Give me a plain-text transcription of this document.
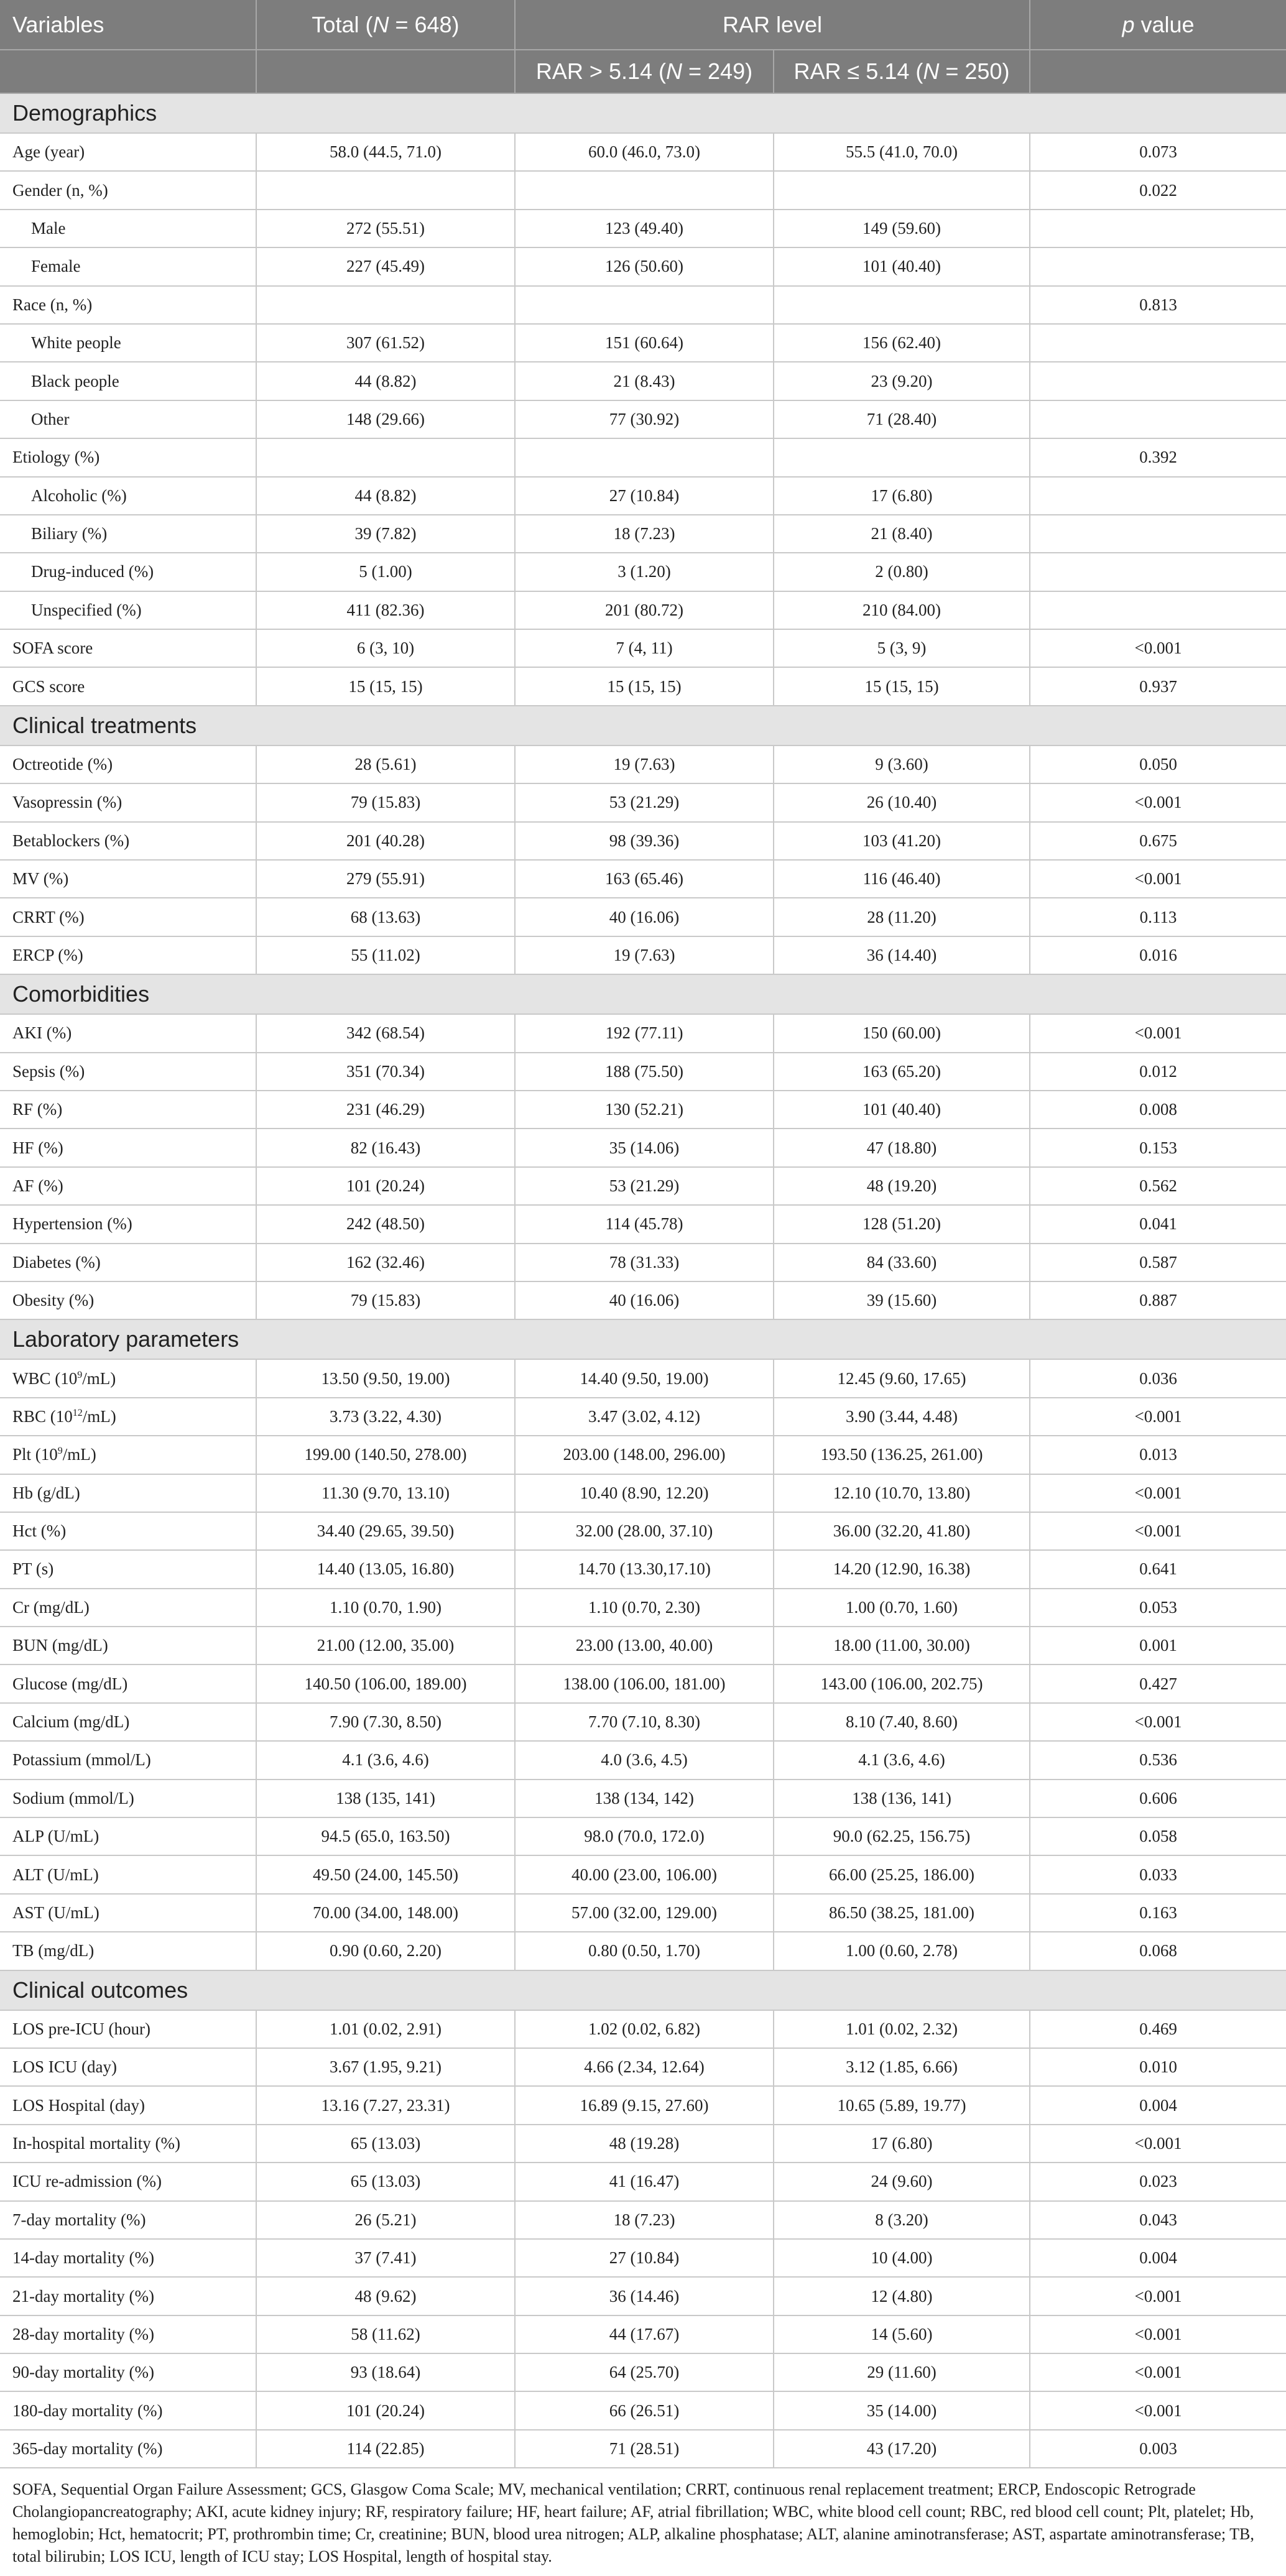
Variables	Total (N = 648)	RAR level		p value
		RAR > 5.14 (N = 249)	RAR ≤ 5.14 (N = 250)	
Demographics				
Age (year)	58.0 (44.5, 71.0)	60.0 (46.0, 73.0)	55.5 (41.0, 70.0)	0.073
Gender (n, %)				0.022
Male	272 (55.51)	123 (49.40)	149 (59.60)	
Female	227 (45.49)	126 (50.60)	101 (40.40)	
Race (n, %)				0.813
White people	307 (61.52)	151 (60.64)	156 (62.40)	
Black people	44 (8.82)	21 (8.43)	23 (9.20)	
Other	148 (29.66)	77 (30.92)	71 (28.40)	
Etiology (%)				0.392
Alcoholic (%)	44 (8.82)	27 (10.84)	17 (6.80)	
Biliary (%)	39 (7.82)	18 (7.23)	21 (8.40)	
Drug-induced (%)	5 (1.00)	3 (1.20)	2 (0.80)	
Unspecified (%)	411 (82.36)	201 (80.72)	210 (84.00)	
SOFA score	6 (3, 10)	7 (4, 11)	5 (3, 9)	<0.001
GCS score	15 (15, 15)	15 (15, 15)	15 (15, 15)	0.937
Clinical treatments				
Octreotide (%)	28 (5.61)	19 (7.63)	9 (3.60)	0.050
Vasopressin (%)	79 (15.83)	53 (21.29)	26 (10.40)	<0.001
Betablockers (%)	201 (40.28)	98 (39.36)	103 (41.20)	0.675
MV (%)	279 (55.91)	163 (65.46)	116 (46.40)	<0.001
CRRT (%)	68 (13.63)	40 (16.06)	28 (11.20)	0.113
ERCP (%)	55 (11.02)	19 (7.63)	36 (14.40)	0.016
Comorbidities				
AKI (%)	342 (68.54)	192 (77.11)	150 (60.00)	<0.001
Sepsis (%)	351 (70.34)	188 (75.50)	163 (65.20)	0.012
RF (%)	231 (46.29)	130 (52.21)	101 (40.40)	0.008
HF (%)	82 (16.43)	35 (14.06)	47 (18.80)	0.153
AF (%)	101 (20.24)	53 (21.29)	48 (19.20)	0.562
Hypertension (%)	242 (48.50)	114 (45.78)	128 (51.20)	0.041
Diabetes (%)	162 (32.46)	78 (31.33)	84 (33.60)	0.587
Obesity (%)	79 (15.83)	40 (16.06)	39 (15.60)	0.887
Laboratory parameters				
WBC $(10^9/mL)$	13.50 (9.50, 19.00)	14.40 (9.50, 19.00)	12.45 (9.60, 17.65)	0.036
RBC $(10^{12}/mL)$	3.73 (3.22, 4.30)	3.47 (3.02, 4.12)	3.90 (3.44, 4.48)	<0.001
Plt $(10^9/mL)$	199.00 (140.50, 278.00)	203.00 (148.00, 296.00)	193.50 (136.25, 261.00)	0.013
Hb (g/dL)	11.30 (9.70, 13.10)	10.40 (8.90, 12.20)	12.10 (10.70, 13.80)	<0.001
Hct (%)	34.40 (29.65, 39.50)	32.00 (28.00, 37.10)	36.00 (32.20, 41.80)	<0.001
PT (s)	14.40 (13.05, 16.80)	14.70 (13.30,17.10)	14.20 (12.90, 16.38)	0.641
Cr (mg/dL)	1.10 (0.70, 1.90)	1.10 (0.70, 2.30)	1.00 (0.70, 1.60)	0.053
BUN (mg/dL)	21.00 (12.00, 35.00)	23.00 (13.00, 40.00)	18.00 (11.00, 30.00)	0.001
Glucose (mg/dL)	140.50 (106.00, 189.00)	138.00 (106.00, 181.00)	143.00 (106.00, 202.75)	0.427
Calcium (mg/dL)	7.90 (7.30, 8.50)	7.70 (7.10, 8.30)	8.10 (7.40, 8.60)	<0.001
Potassium (mmol/L)	4.1 (3.6, 4.6)	4.0 (3.6, 4.5)	4.1 (3.6, 4.6)	0.536
Sodium (mmol/L)	138 (135, 141)	138 (134, 142)	138 (136, 141)	0.606
ALP (U/mL)	94.5 (65.0, 163.50)	98.0 (70.0, 172.0)	90.0 (62.25, 156.75)	0.058
ALT (U/mL)	49.50 (24.00, 145.50)	40.00 (23.00, 106.00)	66.00 (25.25, 186.00)	0.033
AST (U/mL)	70.00 (34.00, 148.00)	57.00 (32.00, 129.00)	86.50 (38.25, 181.00)	0.163
TB (mg/dL)	0.90 (0.60, 2.20)	0.80 (0.50, 1.70)	1.00 (0.60, 2.78)	0.068
Clinical outcomes				
LOS pre-ICU (hour)	1.01 (0.02, 2.91)	1.02 (0.02, 6.82)	1.01 (0.02, 2.32)	0.469
LOS ICU (day)	3.67 (1.95, 9.21)	4.66 (2.34, 12.64)	3.12 (1.85, 6.66)	0.010
LOS Hospital (day)	13.16 (7.27, 23.31)	16.89 (9.15, 27.60)	10.65 (5.89, 19.77)	0.004
In-hospital mortality (%)	65 (13.03)	48 (19.28)	17 (6.80)	<0.001
ICU re-admission (%)	65 (13.03)	41 (16.47)	24 (9.60)	0.023
7-day mortality (%)	26 (5.21)	18 (7.23)	8 (3.20)	0.043
14-day mortality (%)	37 (7.41)	27 (10.84)	10 (4.00)	0.004
21-day mortality (%)	48 (9.62)	36 (14.46)	12 (4.80)	<0.001
28-day mortality (%)	58 (11.62)	44 (17.67)	14 (5.60)	<0.001
90-day mortality (%)	93 (18.64)	64 (25.70)	29 (11.60)	<0.001
180-day mortality (%)	101 (20.24)	66 (26.51)	35 (14.00)	<0.001
365-day mortality (%)	114 (22.85)	71 (28.51)	43 (17.20)	0.003
SOFA, Sequential Organ Failure Assessment; GCS, Glasgow Coma Scale; MV, mechanical ventilation; CRRT, continuous renal replacement treatment; ERCP, Endoscopic Retrograde Cholangiopancreatography; AKI, acute kidney injury; RF, respiratory failure; HF, heart failure; AF, atrial fibrillation; WBC, white blood cell count; RBC, red blood cell count; Plt, platelet; Hb, hemoglobin; Hct, hematocrit; PT, prothrombin time; Cr, creatinine; BUN, blood urea nitrogen; ALP, alkaline phosphatase; ALT, alanine aminotransferase; AST, aspartate aminotransferase; TB, total bilirubin; LOS ICU, length of ICU stay; LOS Hospital, length of hospital stay.
